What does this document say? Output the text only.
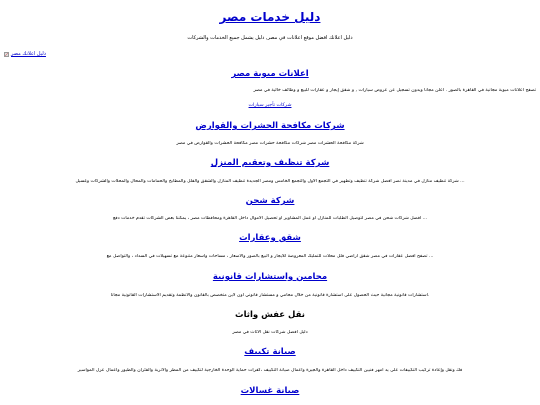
دليل خدمات مصر

دليل اعلانك افضل موقع اعلانات في مصر, دليل يشمل جميع الخدمات والشركات

دليل اعلانك مصر
اعلانات مبوبة مصر

تصفح اعلانات مبوبة مجانية في القاهرة بالصور . أعلن مجانا وبدون تسجيل عن عروض سيارات , و شقق إيجار و عقارات للبيع و وظائف خالية في مصر

شركات تأجير سيارات

شركات مكافحة الحشرات والقوارض

شركة مكافحة الحشرات مصر شركات مكافحة حشرات مصر مكافحة الحشرات والقوارض في مصر

شركة تنظيف وتعقيم المنزل

... شركة تنظيف منازل في مدينة نصر افضل شركة تنظيف وتطهير في التجمع الاول والتجمع الخامس ومصر الجديدة تنظيف المنازل والشقق والفلل والمطابخ والحمامات والمحال والمحلات والشركات وغسيل

شركة شحن

... افضل شركات شحن في مصر لتوصيل الطلبات للمنازل أو عمل المشاوير أو تحصيل الاموال داخل القاهرة ومحافظات مصر ، يمكننا بعض الشركات تقدم خدمات دفع

شقق وعقارات

... تصفح افضل عقارات في مصر شقق اراضي فلل محلات للتمليك المعروضة للايجار و البيع بالصور والاسعار ، مساحات واسعار متنوعة مع تسهيلات في السداد ، والتواصل مع

محامين واستشارات قانونية

.استشارات قانونية مجانية حيث الحصول على استشارة قانونية من خلال محامي و مستشار قانوني اون لاين متخصص بالقانون والأنظمة وتقديم الاستشارات القانونية مجانا

نقل عفش واثاث

دليل افضل شركات نقل الاثاث في مصر

صيانة تكييف

فك ونقل وإعادة تركيب التكييفات على يد امهر فنيين التكييف داخل القاهرة والجيزة وأعمال صيانة التكييف ،كفرات حماية الوحدة الخارجية لتكييف من المطر والأتربة والفئران والطيور وأعمال عزل المواسير

صيانة غسالات
